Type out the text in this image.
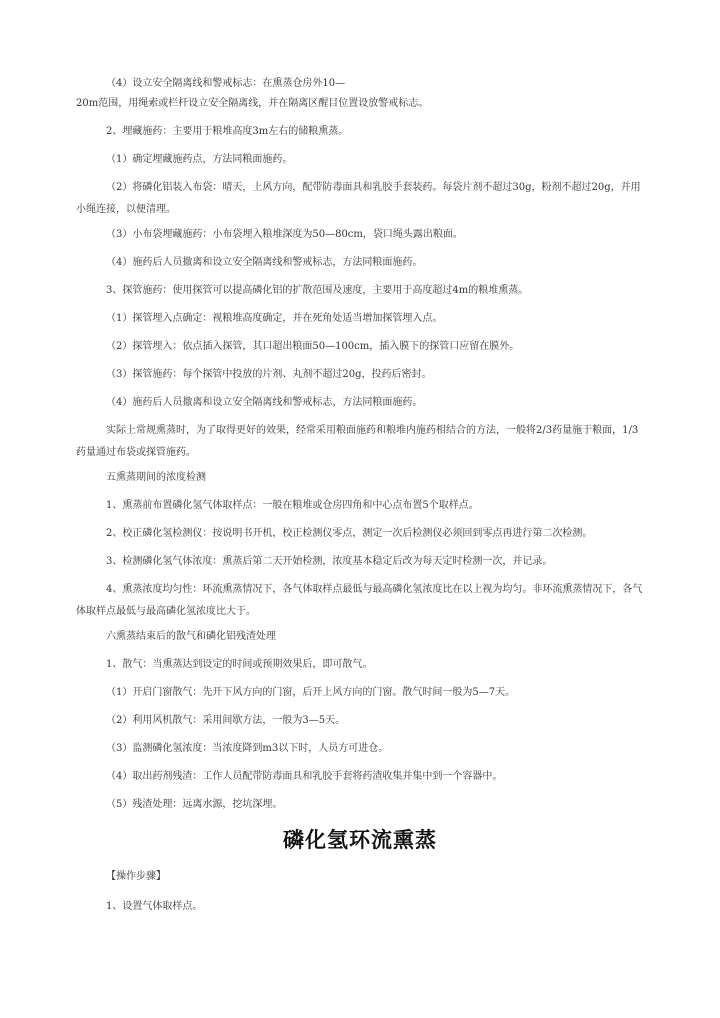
（4）设立安全隔离线和警戒标志：在熏蒸仓房外10—

20m范围，用绳索或栏杆设立安全隔离线，并在隔离区醒目位置设放警戒标志。

2、埋藏施药：主要用于粮堆高度3m左右的储粮熏蒸。

（1）确定埋藏施药点，方法同粮面施药。

（2）将磷化铝装入布袋：晴天，上风方向，配带防毒面具和乳胶手套装药。每袋片剂不超过30g，粉剂不超过20g，并用小绳连接，以便清理。

（3）小布袋埋藏施药：小布袋埋入粮堆深度为50—80cm，袋口绳头露出粮面。

（4）施药后人员撤离和设立安全隔离线和警戒标志，方法同粮面施药。

3、探管施药：使用探管可以提高磷化铝的扩散范围及速度，主要用于高度超过4m的粮堆熏蒸。

（1）探管埋入点确定：视粮堆高度确定，并在死角处适当增加探管埋入点。

（2）探管埋入：依点插入探管，其口超出粮面50—100cm，插入膜下的探管口应留在膜外。

（3）探管施药：每个探管中投放的片剂、丸剂不超过20g，投药后密封。

（4）施药后人员撤离和设立安全隔离线和警戒标志，方法同粮面施药。

实际上常规熏蒸时，为了取得更好的效果，经常采用粮面施药和粮堆内施药相结合的方法，一般将2/3药量施于粮面，1/3药量通过布袋或探管施药。

五熏蒸期间的浓度检测

1、熏蒸前布置磷化氢气体取样点：一般在粮堆或仓房四角和中心点布置5个取样点。

2、校正磷化氢检测仪：按说明书开机，校正检测仪零点，测定一次后检测仪必须回到零点再进行第二次检测。

3、检测磷化氢气体浓度：熏蒸后第二天开始检测，浓度基本稳定后改为每天定时检测一次，并记录。

4、熏蒸浓度均匀性：环流熏蒸情况下，各气体取样点最低与最高磷化氢浓度比在以上视为均匀。非环流熏蒸情况下，各气体取样点最低与最高磷化氢浓度比大于。

六熏蒸结束后的散气和磷化铝残渣处理

1、散气：当熏蒸达到设定的时间或预期效果后，即可散气。

（1）开启门窗散气：先开下风方向的门窗，后开上风方向的门窗。散气时间一般为5—7天。

（2）利用风机散气：采用间歇方法，一般为3—5天。

（3）监测磷化氢浓度：当浓度降到m3以下时，人员方可进仓。

（4）取出药剂残渣：工作人员配带防毒面具和乳胶手套将药渣收集并集中到一个容器中。

（5）残渣处理：远离水源，挖坑深埋。

磷化氢环流熏蒸

【操作步骤】

1、设置气体取样点。
